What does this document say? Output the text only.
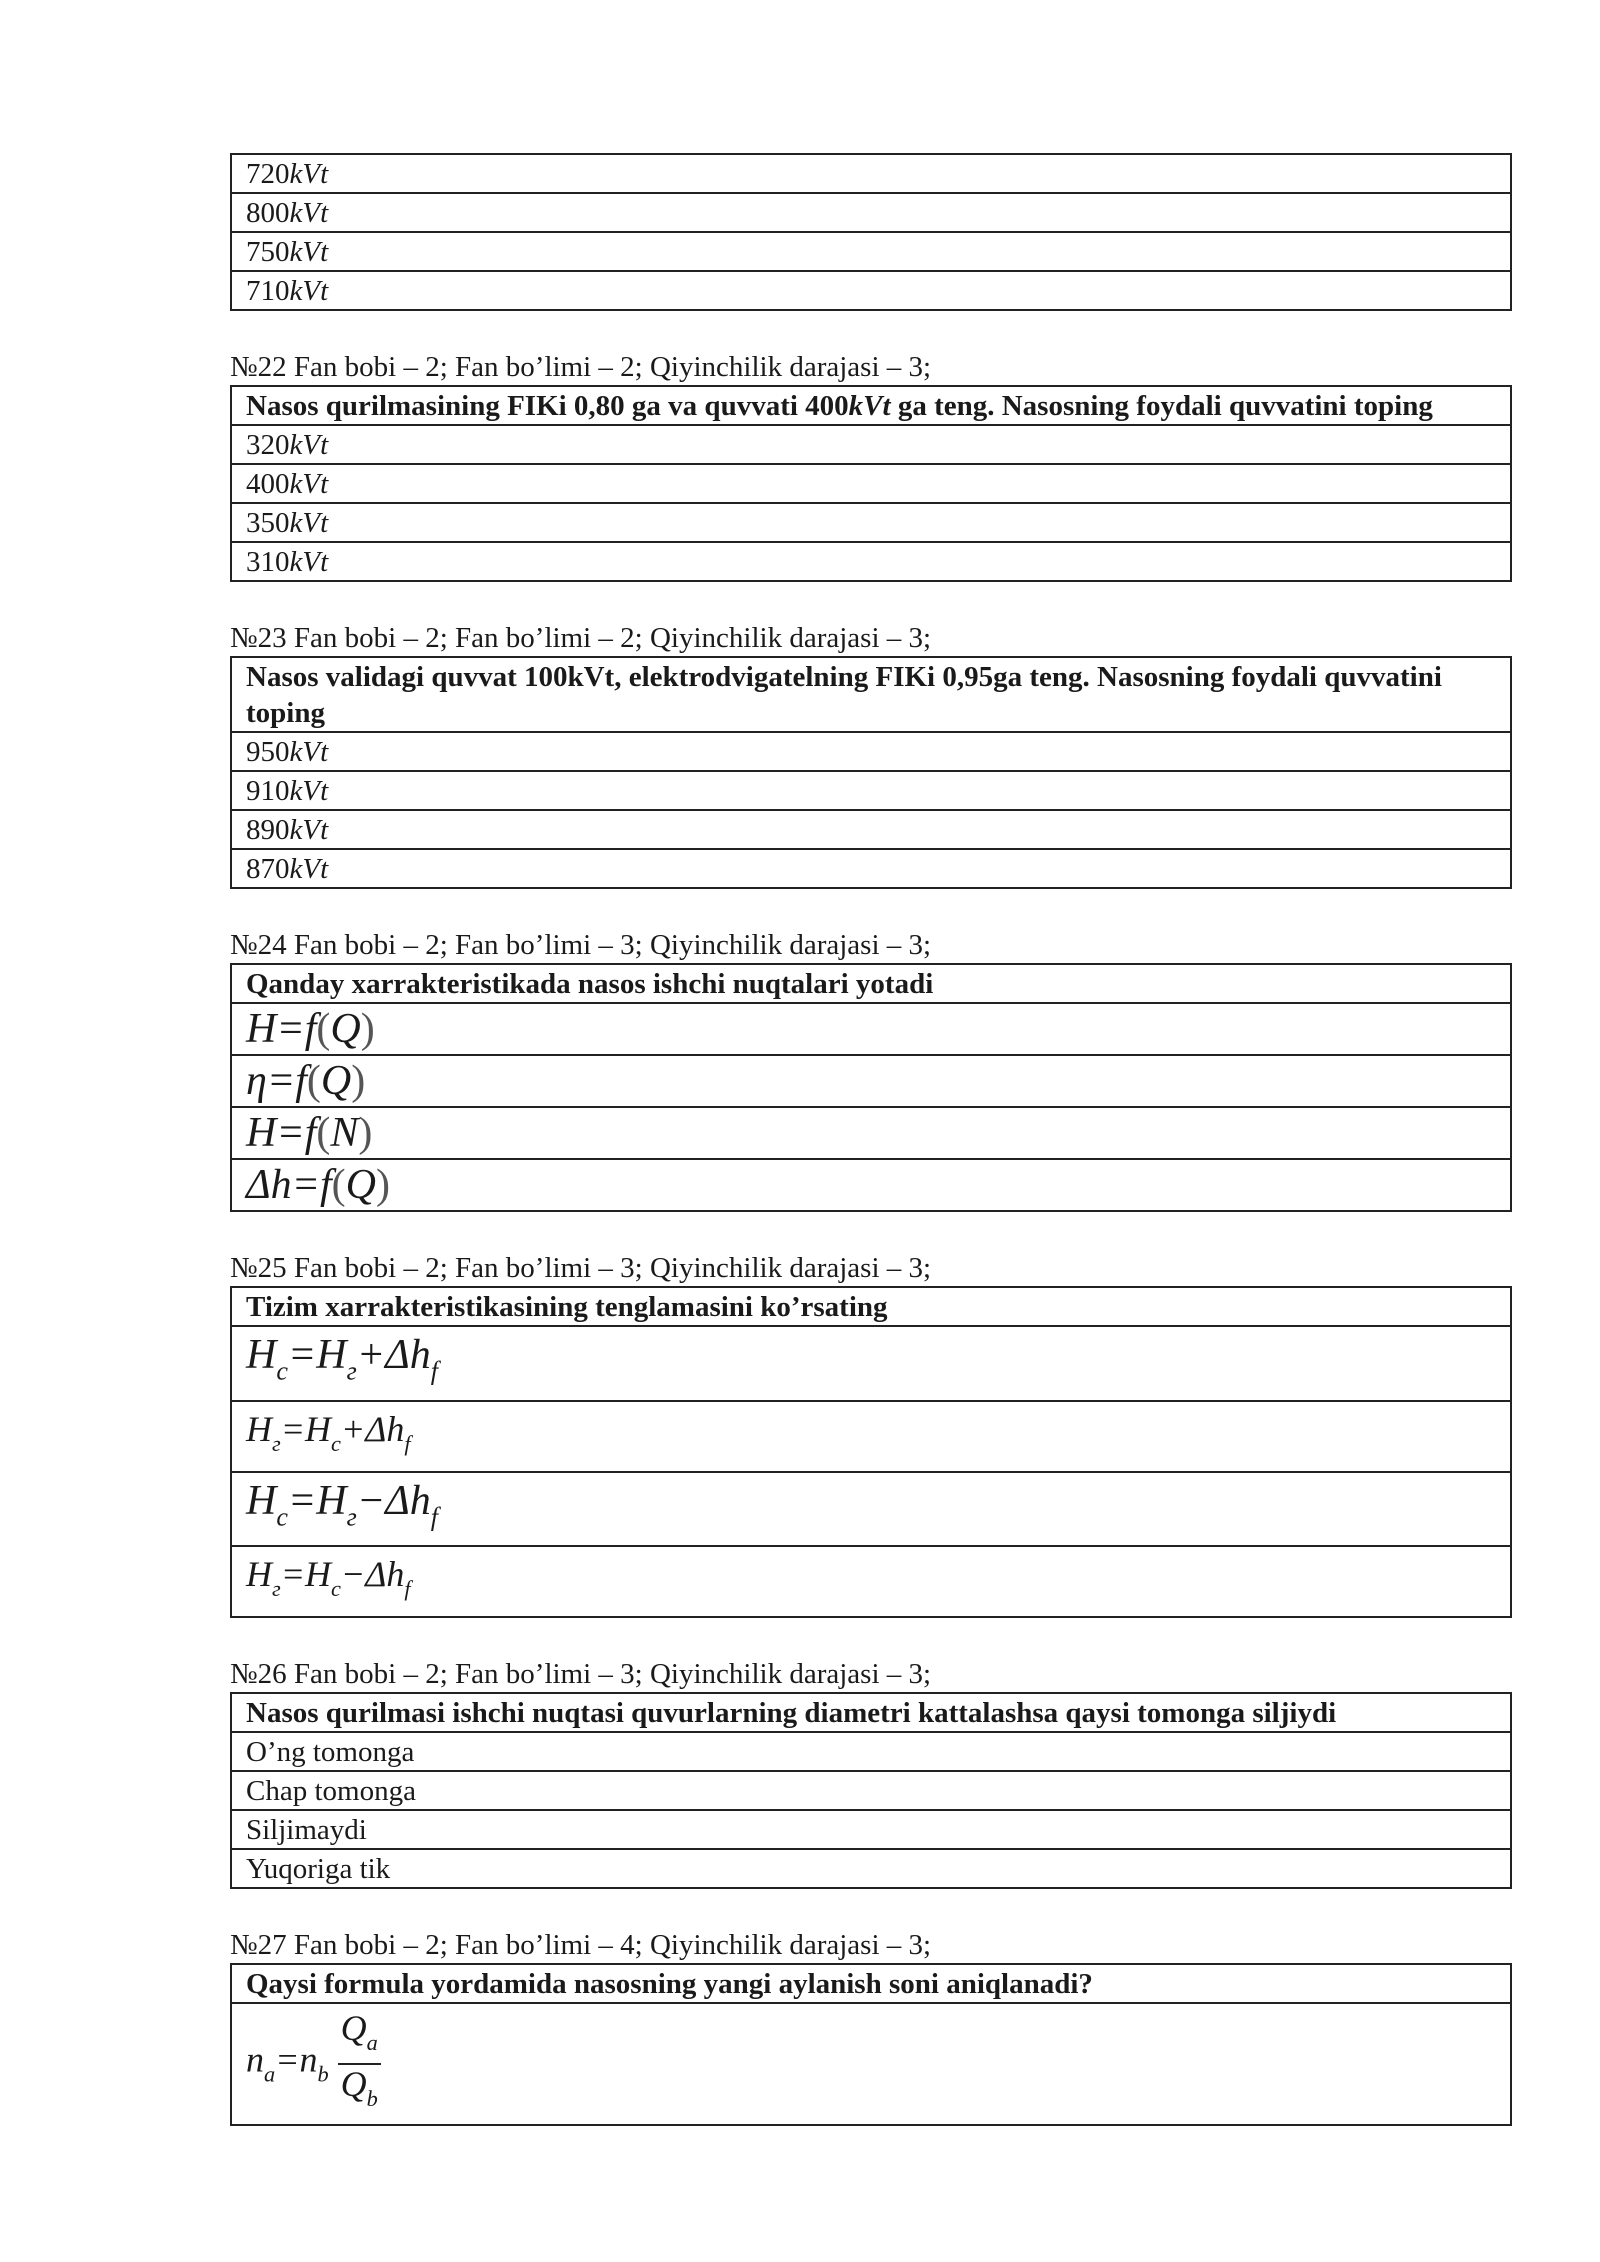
720kVt
800kVt
750kVt
710kVt

№22 Fan bobi – 2; Fan bo’limi – 2; Qiyinchilik darajasi – 3;

Nasos qurilmasining FIKi 0,80 ga va quvvati 400kVt ga teng. Nasosning foydali quvvatini toping
320kVt
400kVt
350kVt
310kVt

№23 Fan bobi – 2; Fan bo’limi – 2; Qiyinchilik darajasi – 3;

Nasos validagi quvvat 100kVt, elektrodvigatelning FIKi 0,95ga teng. Nasosning foydali quvvatini toping
950kVt
910kVt
890kVt
870kVt

№24 Fan bobi – 2; Fan bo’limi – 3; Qiyinchilik darajasi – 3;

Qanday xarrakteristikada nasos ishchi nuqtalari yotadi
H=f(Q)
η=f(Q)
H=f(N)
Δh=f(Q)

№25 Fan bobi – 2; Fan bo’limi – 3; Qiyinchilik darajasi – 3;

Tizim xarrakteristikasining tenglamasini ko’rsating
$H_c=H_г+\Delta h_f$
$H_г=H_c+\Delta h_f$
$H_c=H_г-\Delta h_f$
$H_г=H_c-\Delta h_f$

№26 Fan bobi – 2; Fan bo’limi – 3; Qiyinchilik darajasi – 3;

Nasos qurilmasi ishchi nuqtasi quvurlarning diametri kattalashsa qaysi tomonga siljiydi
O’ng tomonga
Chap tomonga
Siljimaydi
Yuqoriga tik

№27 Fan bobi – 2; Fan bo’limi – 4; Qiyinchilik darajasi – 3;

Qaysi formula yordamida nasosning yangi aylanish soni aniqlanadi?

$n_a=n_b \frac{Q_a}{Q_b}$
